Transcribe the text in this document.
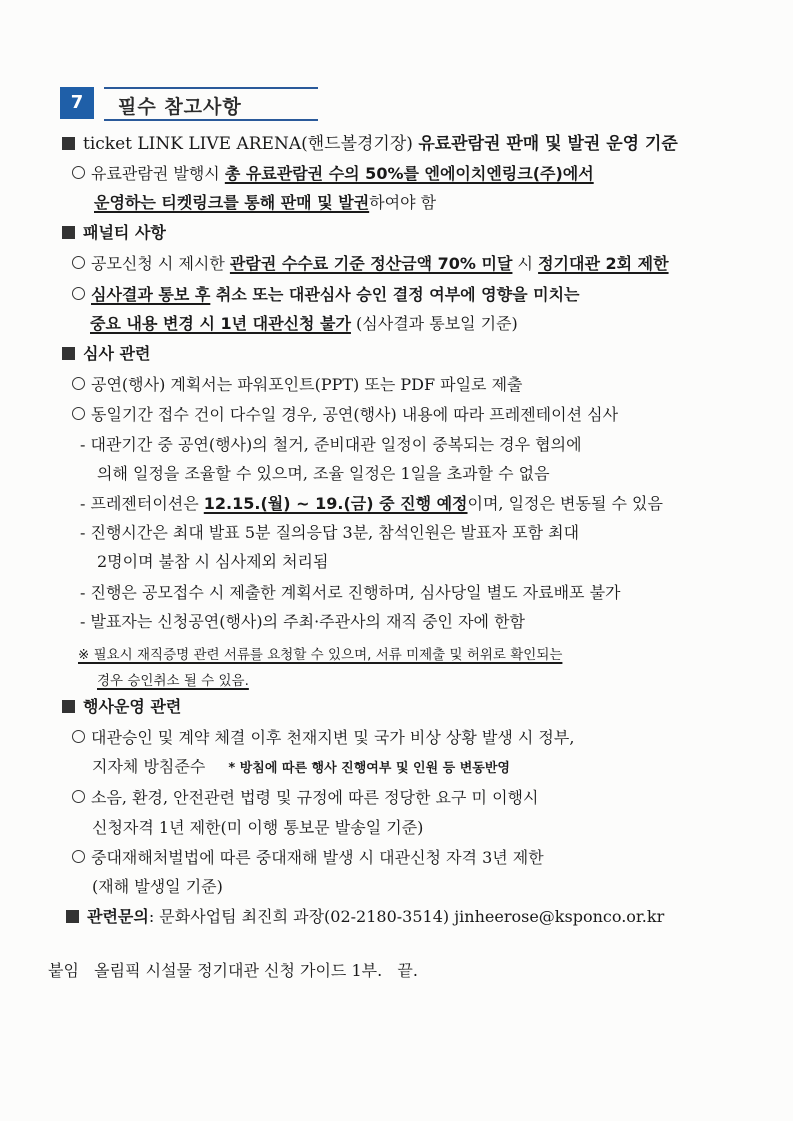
7	필수 참고사항
ticket LINK LIVE ARENA(핸드볼경기장) 유료관람권 판매 및 발권 운영 기준
유료관람권 발행시 총 유료관람권 수의 50%를 엔에이치엔링크(주)에서
운영하는 티켓링크를 통해 판매 및 발권하여야 함
패널티 사항
공모신청 시 제시한 관람권 수수료 기준 정산금액 70% 미달 시 정기대관 2회 제한
심사결과 통보 후 취소 또는 대관심사 승인 결정 여부에 영향을 미치는
중요 내용 변경 시 1년 대관신청 불가 (심사결과 통보일 기준)
심사 관련
공연(행사) 계획서는 파워포인트(PPT) 또는 PDF 파일로 제출
동일기간 접수 건이 다수일 경우, 공연(행사) 내용에 따라 프레젠테이션 심사
- 대관기간 중 공연(행사)의 철거, 준비대관 일정이 중복되는 경우 협의에
의해 일정을 조율할 수 있으며, 조율 일정은 1일을 초과할 수 없음
- 프레젠터이션은 12.15.(월) ~ 19.(금) 중 진행 예정이며, 일정은 변동될 수 있음
- 진행시간은 최대 발표 5분 질의응답 3분, 참석인원은 발표자 포함 최대
2명이며 불참 시 심사제외 처리됨
- 진행은 공모접수 시 제출한 계획서로 진행하며, 심사당일 별도 자료배포 불가
- 발표자는 신청공연(행사)의 주최·주관사의 재직 중인 자에 한함
※ 필요시 재직증명 관련 서류를 요청할 수 있으며, 서류 미제출 및 허위로 확인되는
경우 승인취소 될 수 있음.
행사운영 관련
대관승인 및 계약 체결 이후 천재지변 및 국가 비상 상황 발생 시 정부,
지자체 방침준수 * 방침에 따른 행사 진행여부 및 인원 등 변동반영
소음, 환경, 안전관련 법령 및 규정에 따른 정당한 요구 미 이행시
신청자격 1년 제한(미 이행 통보문 발송일 기준)
중대재해처벌법에 따른 중대재해 발생 시 대관신청 자격 3년 제한
(재해 발생일 기준)
관련문의: 문화사업팀 최진희 과장(02-2180-3514) jinheerose@ksponco.or.kr
붙임   올림픽 시설물 정기대관 신청 가이드 1부.   끝.
